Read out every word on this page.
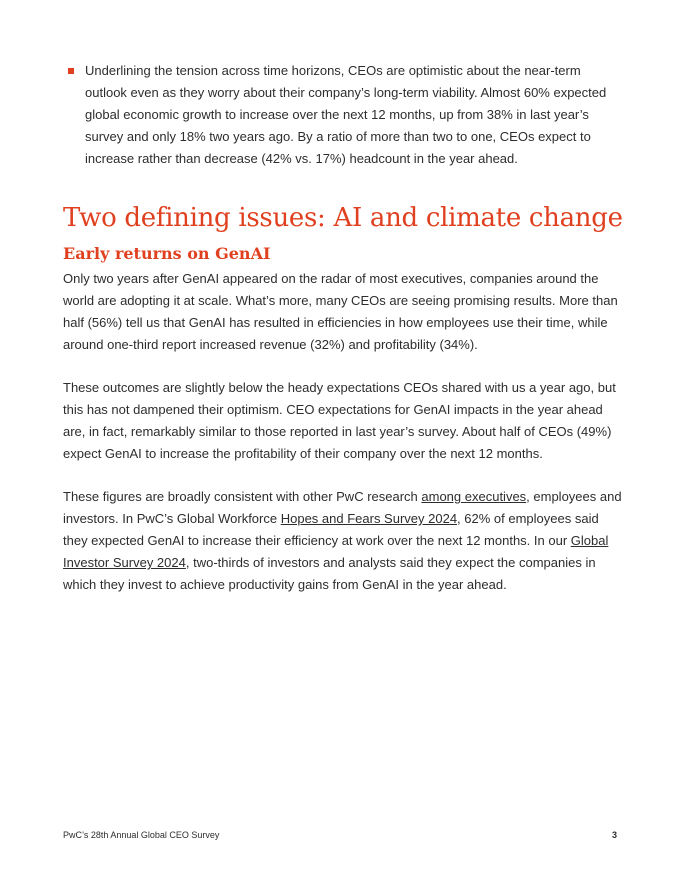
Underlining the tension across time horizons, CEOs are optimistic about the near-term outlook even as they worry about their company’s long-term viability. Almost 60% expected global economic growth to increase over the next 12 months, up from 38% in last year’s survey and only 18% two years ago. By a ratio of more than two to one, CEOs expect to increase rather than decrease (42% vs. 17%) headcount in the year ahead.
Two defining issues: AI and climate change
Early returns on GenAI

Only two years after GenAI appeared on the radar of most executives, companies around the world are adopting it at scale. What’s more, many CEOs are seeing promising results. More than half (56%) tell us that GenAI has resulted in efficiencies in how employees use their time, while around one-third report increased revenue (32%) and profitability (34%).

These outcomes are slightly below the heady expectations CEOs shared with us a year ago, but this has not dampened their optimism. CEO expectations for GenAI impacts in the year ahead are, in fact, remarkably similar to those reported in last year’s survey. About half of CEOs (49%) expect GenAI to increase the profitability of their company over the next 12 months.

These figures are broadly consistent with other PwC research among executives, employees and investors. In PwC’s Global Workforce Hopes and Fears Survey 2024, 62% of employees said they expected GenAI to increase their efficiency at work over the next 12 months. In our Global Investor Survey 2024, two-thirds of investors and analysts said they expect the companies in which they invest to achieve productivity gains from GenAI in the year ahead.

PwC’s 28th Annual Global CEO Survey	3
